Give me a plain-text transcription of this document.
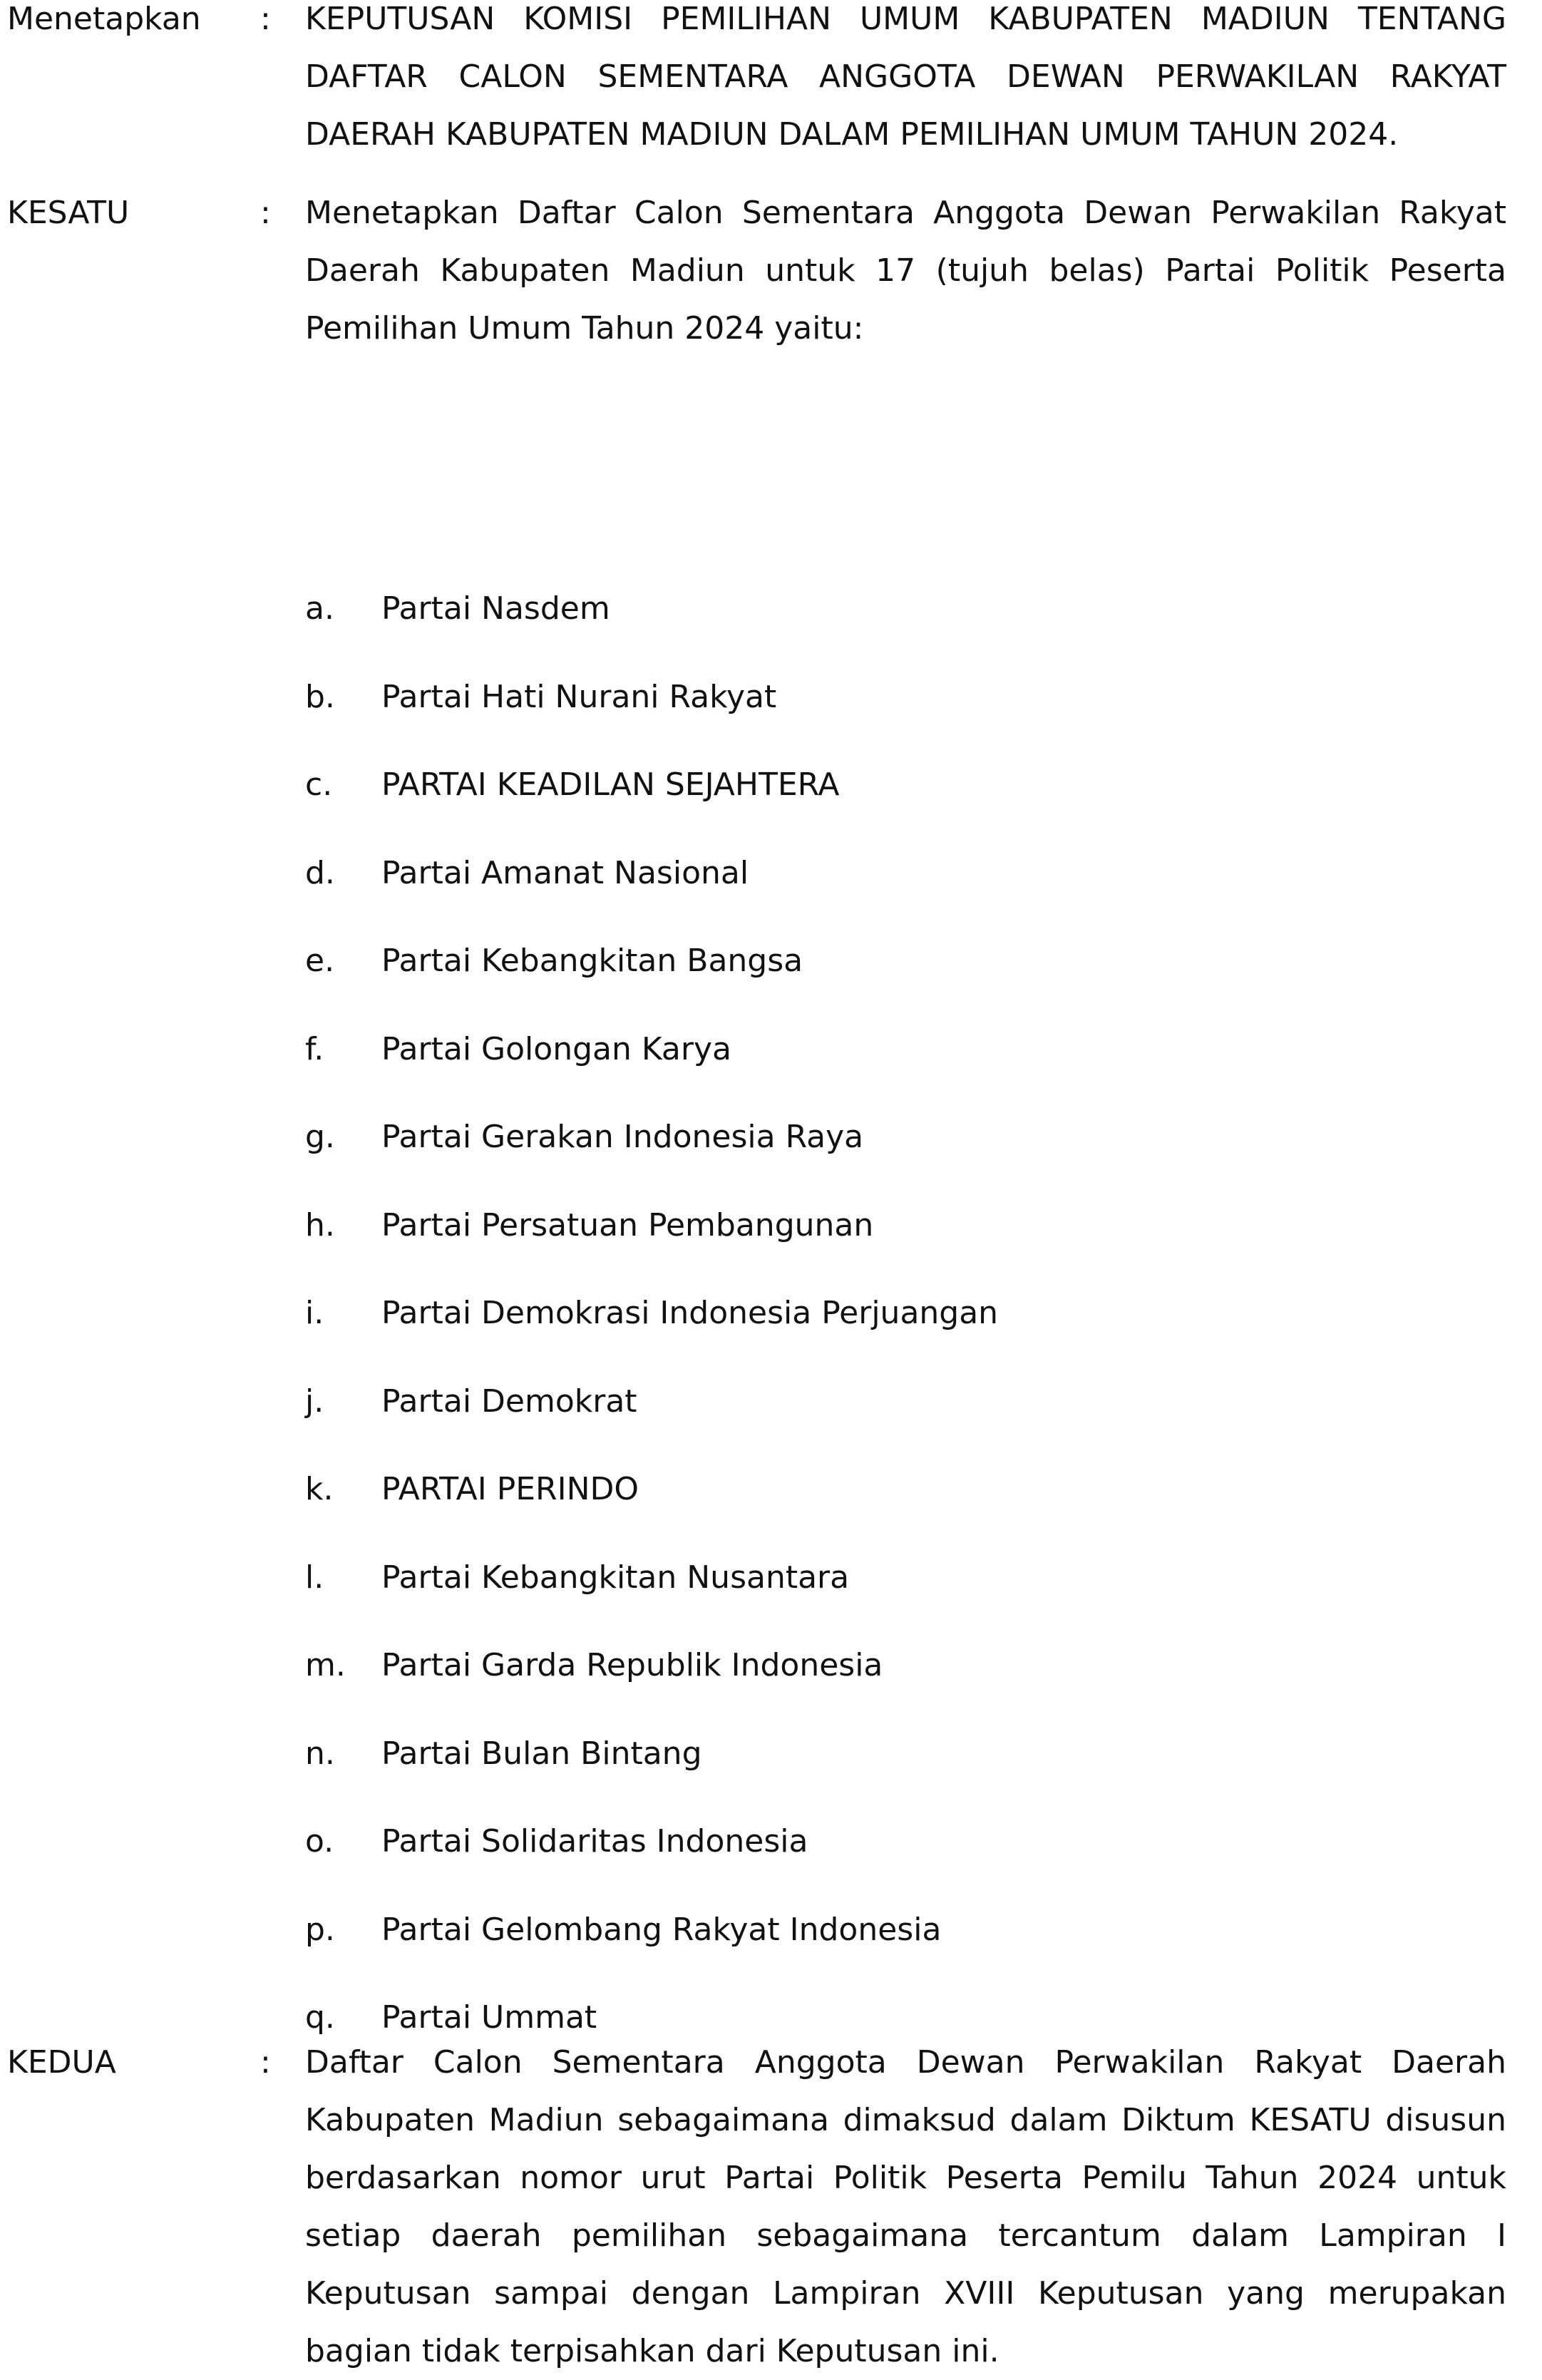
Menetapkan : KEPUTUSAN KOMISI PEMILIHAN UMUM KABUPATEN MADIUN TENTANG DAFTAR CALON SEMENTARA ANGGOTA DEWAN PERWAKILAN RAKYAT DAERAH KABUPATEN MADIUN DALAM PEMILIHAN UMUM TAHUN 2024.
KESATU	: Menetapkan Daftar Calon Sementara Anggota Dewan Perwakilan Rakyat Daerah Kabupaten Madiun untuk 17 (tujuh belas) Partai Politik Peserta Pemilihan Umum Tahun 2024 yaitu:
a. Partai Nasdem
b. Partai Hati Nurani Rakyat
c. PARTAI KEADILAN SEJAHTERA
d. Partai Amanat Nasional
e. Partai Kebangkitan Bangsa
f. Partai Golongan Karya
g. Partai Gerakan Indonesia Raya
h. Partai Persatuan Pembangunan
i. Partai Demokrasi Indonesia Perjuangan
j. Partai Demokrat
k. PARTAI PERINDO
l. Partai Kebangkitan Nusantara
m. Partai Garda Republik Indonesia
n. Partai Bulan Bintang
o. Partai Solidaritas Indonesia
p. Partai Gelombang Rakyat Indonesia
q. Partai Ummat
KEDUA	: Daftar Calon Sementara Anggota Dewan Perwakilan Rakyat Daerah Kabupaten Madiun sebagaimana dimaksud dalam Diktum KESATU disusun berdasarkan nomor urut Partai Politik Peserta Pemilu Tahun 2024 untuk setiap daerah pemilihan sebagaimana tercantum dalam Lampiran I Keputusan sampai dengan Lampiran XVIII Keputusan yang merupakan bagian tidak terpisahkan dari Keputusan ini.
